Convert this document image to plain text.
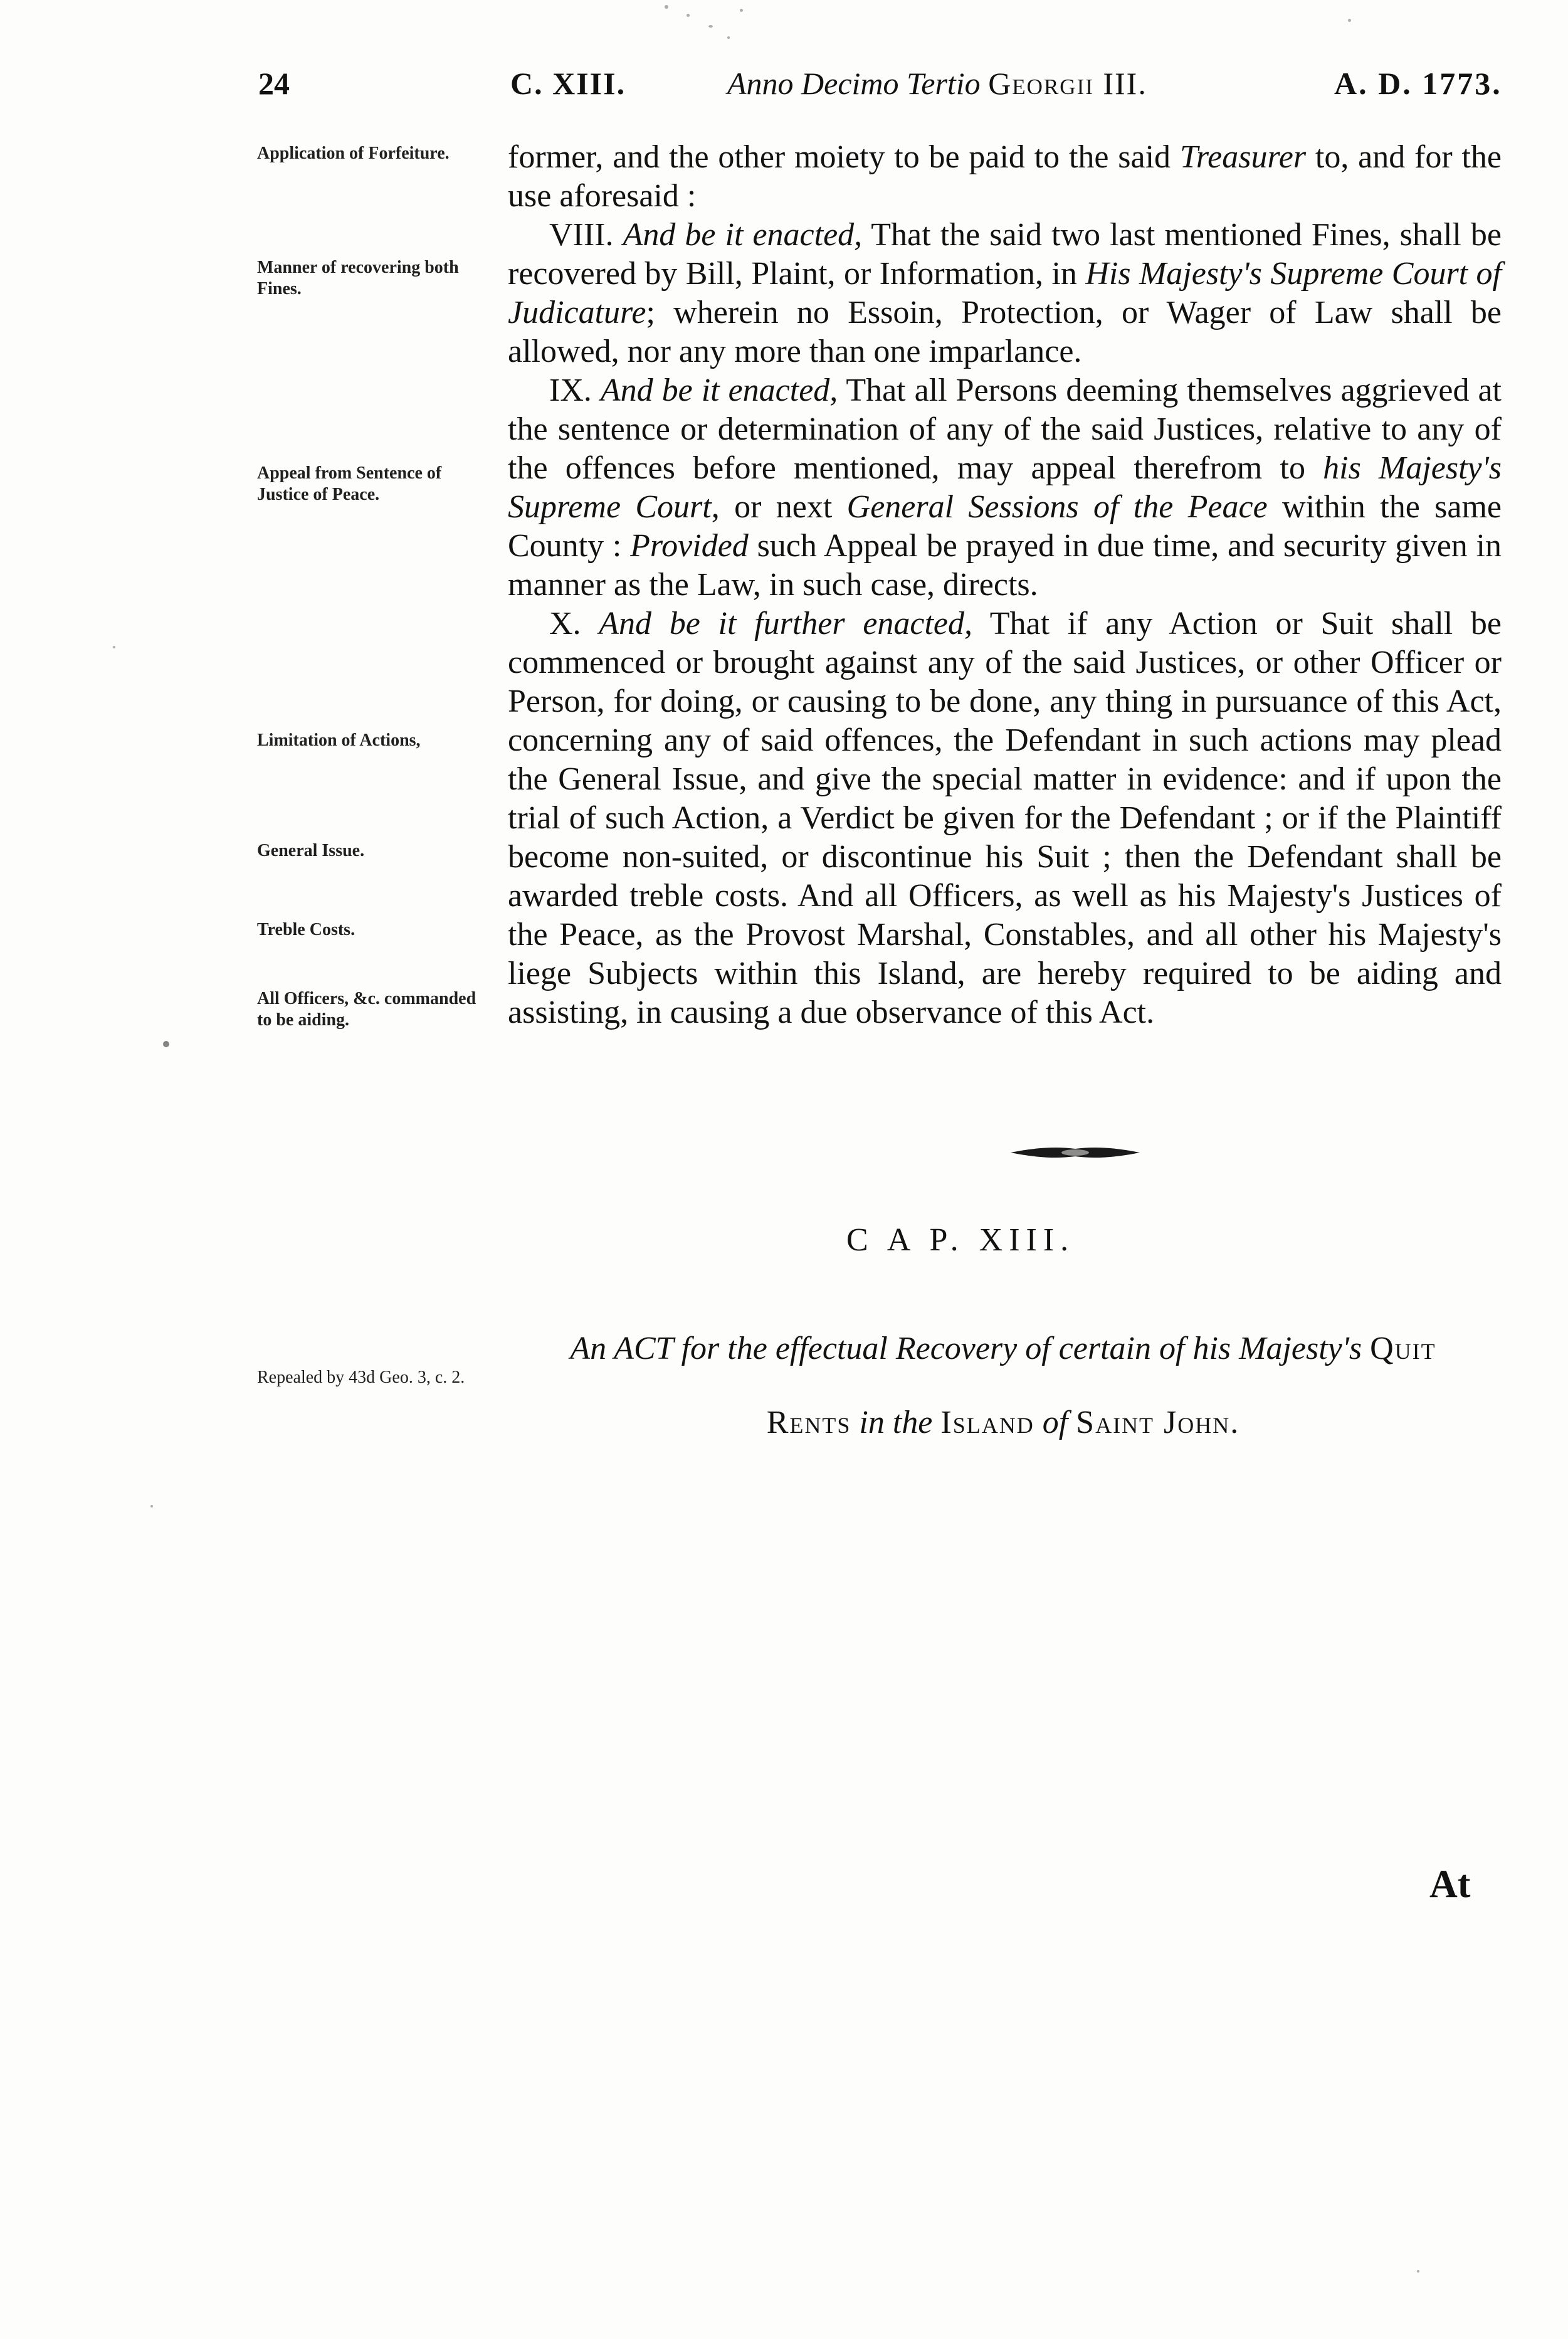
24	C. XIII.	Anno Decimo Tertio Georgii III.	A. D. 1773.
Application of Forfeiture.
Manner of recovering both Fines.
Appeal from Sentence of Justice of Peace.
Limitation of Actions,
General Issue.
Treble Costs.
All Officers, &c. commanded to be aiding.
Repealed by 43d Geo. 3, c. 2.

former, and the other moiety to be paid to the said Treasurer to, and for the use aforesaid :

VIII. And be it enacted, That the said two last mentioned Fines, shall be recovered by Bill, Plaint, or Information, in His Majesty's Supreme Court of Judicature; wherein no Essoin, Protection, or Wager of Law shall be allowed, nor any more than one imparlance.

IX. And be it enacted, That all Persons deeming themselves aggrieved at the sentence or determination of any of the said Justices, relative to any of the offences before mentioned, may appeal therefrom to his Majesty's Supreme Court, or next General Sessions of the Peace within the same County : Provided such Appeal be prayed in due time, and security given in manner as the Law, in such case, directs.

X. And be it further enacted, That if any Action or Suit shall be commenced or brought against any of the said Justices, or other Officer or Person, for doing, or causing to be done, any thing in pursuance of this Act, concerning any of said offences, the Defendant in such actions may plead the General Issue, and give the special matter in evidence: and if upon the trial of such Action, a Verdict be given for the Defendant ; or if the Plaintiff become non-suited, or discontinue his Suit ; then the Defendant shall be awarded treble costs. And all Officers, as well as his Majesty's Justices of the Peace, as the Provost Marshal, Constables, and all other his Majesty's liege Subjects within this Island, are hereby required to be aiding and assisting, in causing a due observance of this Act.

C A P. XIII.
An ACT for the effectual Recovery of certain of his Majesty's Quit
Rents in the Island of Saint John.
At
